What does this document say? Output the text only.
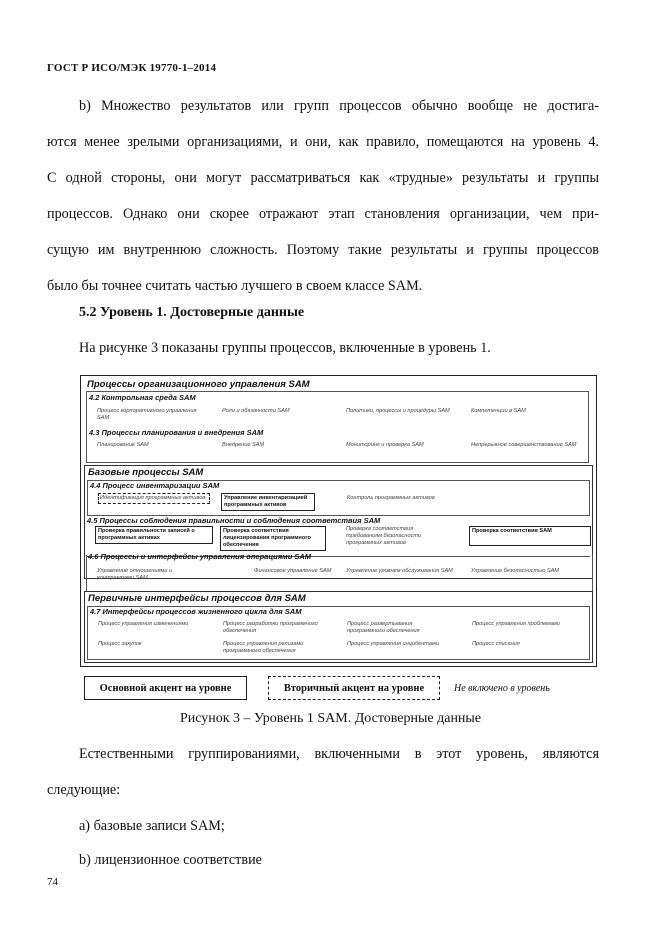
ГОСТ Р ИСО/МЭК 19770-1–2014
b) Множество результатов или групп процессов обычно вообще не достига-
ются менее зрелыми организациями, и они, как правило, помещаются на уровень 4.
С одной стороны, они могут рассматриваться как «трудные» результаты и группы
процессов. Однако они скорее отражают этап становления организации, чем при-
сущую им внутреннюю сложность. Поэтому такие результаты и группы процессов
было бы точнее считать частью лучшего в своем классе SAM.
5.2 Уровень 1. Достоверные данные
На рисунке 3 показаны группы процессов, включенные в уровень 1.
Процессы организационного управления SAM
4.2 Контрольная среда SAM
Процесс корпоративного управления SAM
Роли и обязанности SAM	Политики, процессы и процедуры SAM	Компетенции в SAM
4.3 Процессы планирования и внедрения SAM
Планирование SAM	Внедрение SAM	Мониторинг и проверка SAM	Непрерывное совершенствование SAM
Базовые процессы SAM
4.4 Процесс инвентаризации SAM
Идентификация программных активов	Управление инвентаризацией программных активов
Контроль программных активов
4.5 Процессы соблюдения правильности и соблюдения соответствия SAM
Проверка правильности записей о программных активах
Проверка соответствия лицензирования программного обеспечения
Проверка соответствия требованиям безопасности программных активов
Проверка соответствия SAM
4.6 Процессы и интерфейсы управления операциями SAM
Управление отношениями и контрактами SAM
Финансовое управление SAM	Управление уровнем обслуживания SAM	Управление безопасностью SAM
Первичные интерфейсы процессов для SAM
4.7 Интерфейсы процессов жизненного цикла для SAM
Процесс управления изменениями	Процесс разработки программного обеспечения
Процесс развертывания программного обеспечения
Процесс управления проблемами
Процесс закупок	Процесс управления релизами программного обеспечения
Процесс управления инцидентами	Процесс списания
Основной акцент на уровне	Вторичный акцент на уровне	Не включено в уровень
Рисунок 3 – Уровень 1 SAM. Достоверные данные
Естественными группированиями, включенными в этот уровень, являются
следующие:
a) базовые записи SAM;
b) лицензионное соответствие
74
